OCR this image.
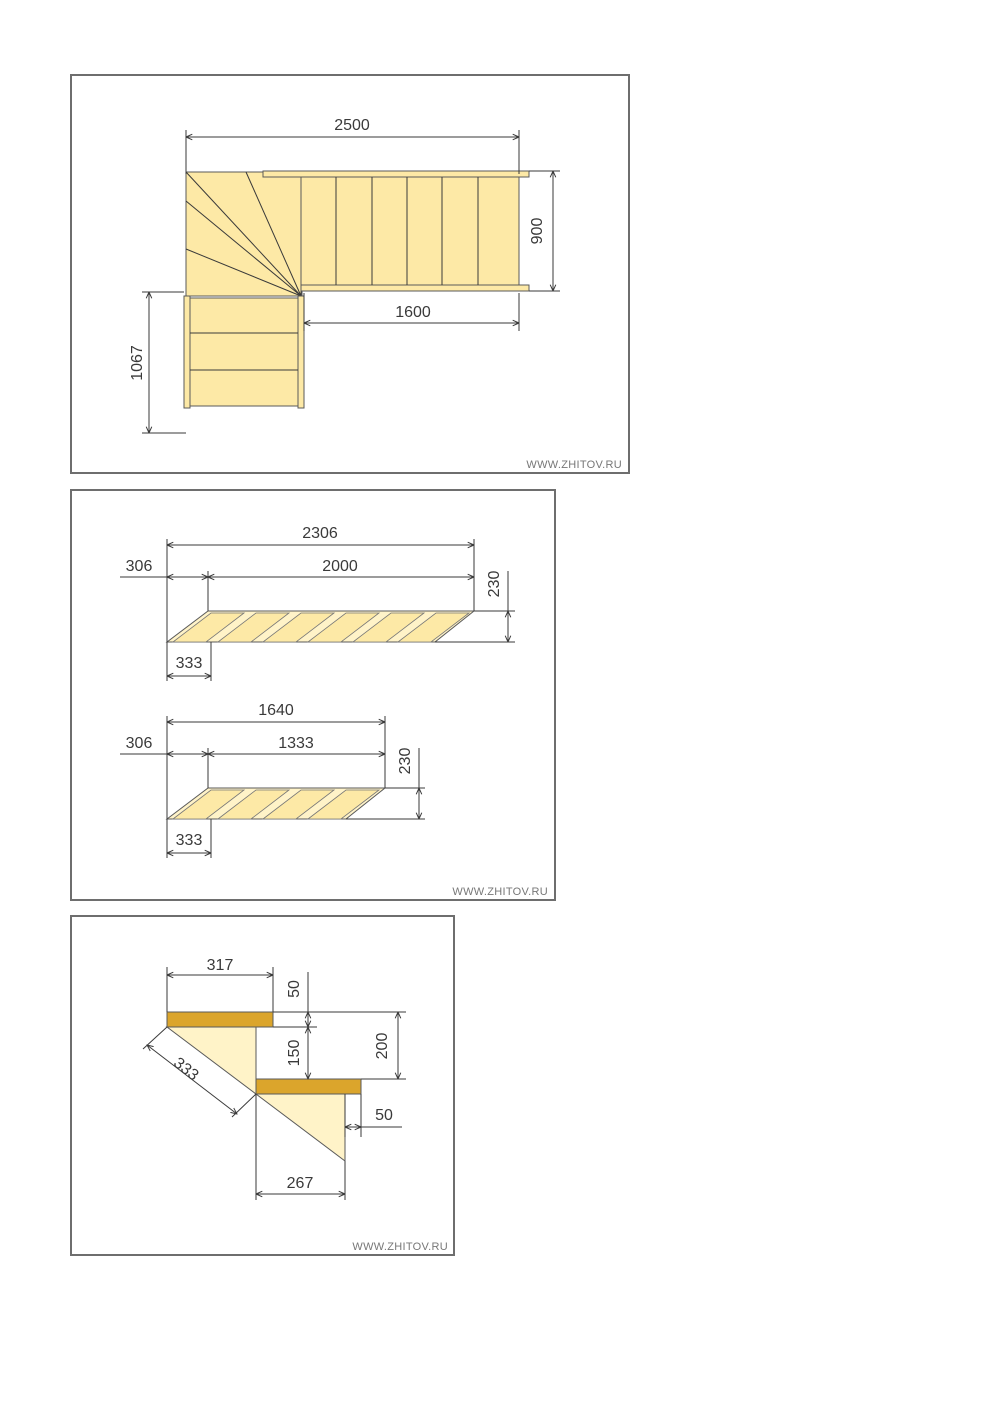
2500
900
1600
1067
WWW.ZHITOV.RU
2306
306	2000
230
333
1640
306	1333
230
333
WWW.ZHITOV.RU
317
50
150	200
333
50
267
WWW.ZHITOV.RU
